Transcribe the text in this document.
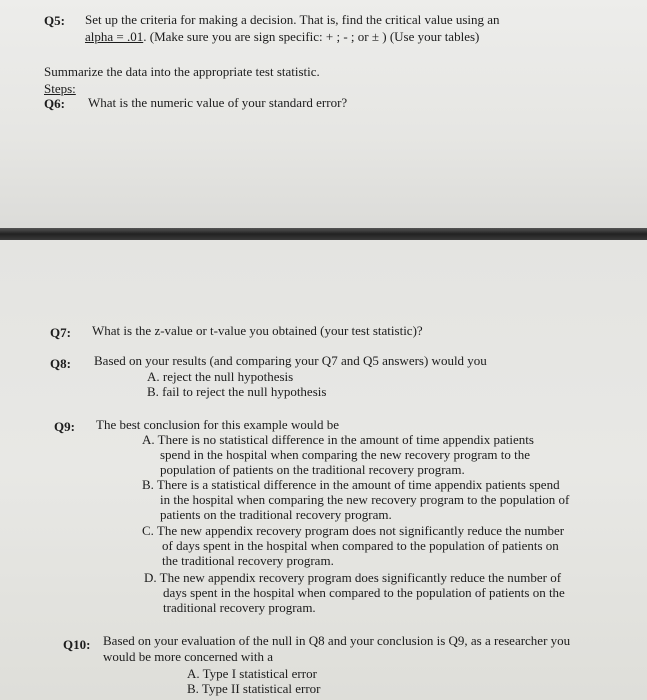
Q5: Set up the criteria for making a decision. That is, find the critical value using an
alpha = .01. (Make sure you are sign specific: + ; - ; or ± ) (Use your tables)
Summarize the data into the appropriate test statistic.
Steps:
Q6: What is the numeric value of your standard error?
Q7: What is the z-value or t-value you obtained (your test statistic)?
Q8: Based on your results (and comparing your Q7 and Q5 answers) would you
A. reject the null hypothesis
B. fail to reject the null hypothesis
Q9: The best conclusion for this example would be
A. There is no statistical difference in the amount of time appendix patients
spend in the hospital when comparing the new recovery program to the
population of patients on the traditional recovery program.
B. There is a statistical difference in the amount of time appendix patients spend
in the hospital when comparing the new recovery program to the population of
patients on the traditional recovery program.
C. The new appendix recovery program does not significantly reduce the number
of days spent in the hospital when compared to the population of patients on
the traditional recovery program.
D. The new appendix recovery program does significantly reduce the number of
days spent in the hospital when compared to the population of patients on the
traditional recovery program.
Q10: Based on your evaluation of the null in Q8 and your conclusion is Q9, as a researcher you
would be more concerned with a
A. Type I statistical error
B. Type II statistical error
